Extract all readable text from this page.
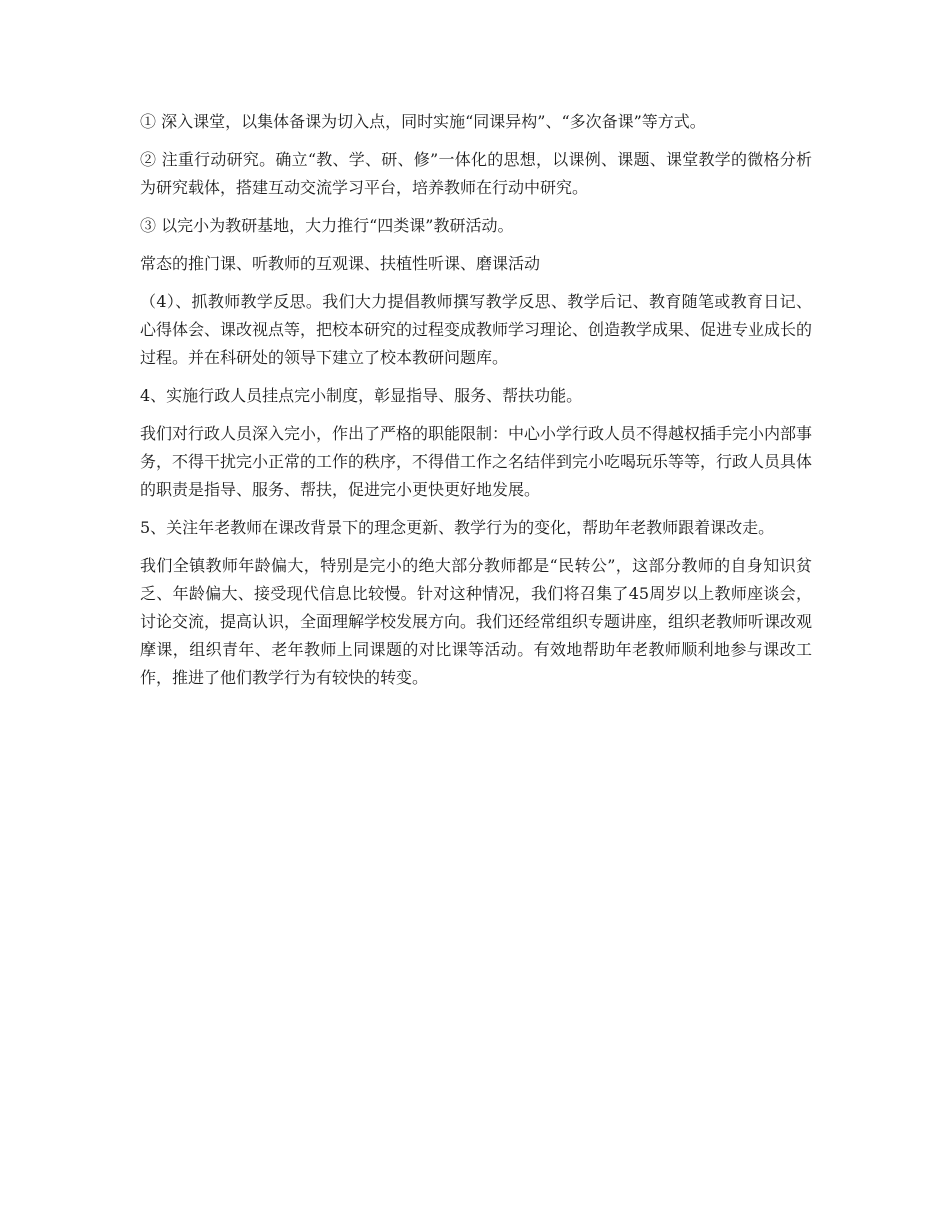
① 深入课堂，以集体备课为切入点，同时实施“同课异构”、“多次备课”等方式。

② 注重行动研究。确立“教、学、研、修”一体化的思想，以课例、课题、课堂教学的微格分析为研究载体，搭建互动交流学习平台，培养教师在行动中研究。

③ 以完小为教研基地，大力推行“四类课”教研活动。

常态的推门课、听教师的互观课、扶植性听课、磨课活动

（4）、抓教师教学反思。我们大力提倡教师撰写教学反思、教学后记、教育随笔或教育日记、心得体会、课改视点等，把校本研究的过程变成教师学习理论、创造教学成果、促进专业成长的过程。并在科研处的领导下建立了校本教研问题库。

4、实施行政人员挂点完小制度，彰显指导、服务、帮扶功能。

我们对行政人员深入完小，作出了严格的职能限制：中心小学行政人员不得越权插手完小内部事务，不得干扰完小正常的工作的秩序，不得借工作之名结伴到完小吃喝玩乐等等，行政人员具体的职责是指导、服务、帮扶，促进完小更快更好地发展。

5、关注年老教师在课改背景下的理念更新、教学行为的变化，帮助年老教师跟着课改走。

我们全镇教师年龄偏大，特别是完小的绝大部分教师都是“民转公”，这部分教师的自身知识贫乏、年龄偏大、接受现代信息比较慢。针对这种情况，我们将召集了45周岁以上教师座谈会，讨论交流，提高认识，全面理解学校发展方向。我们还经常组织专题讲座，组织老教师听课改观摩课，组织青年、老年教师上同课题的对比课等活动。有效地帮助年老教师顺利地参与课改工作，推进了他们教学行为有较快的转变。
